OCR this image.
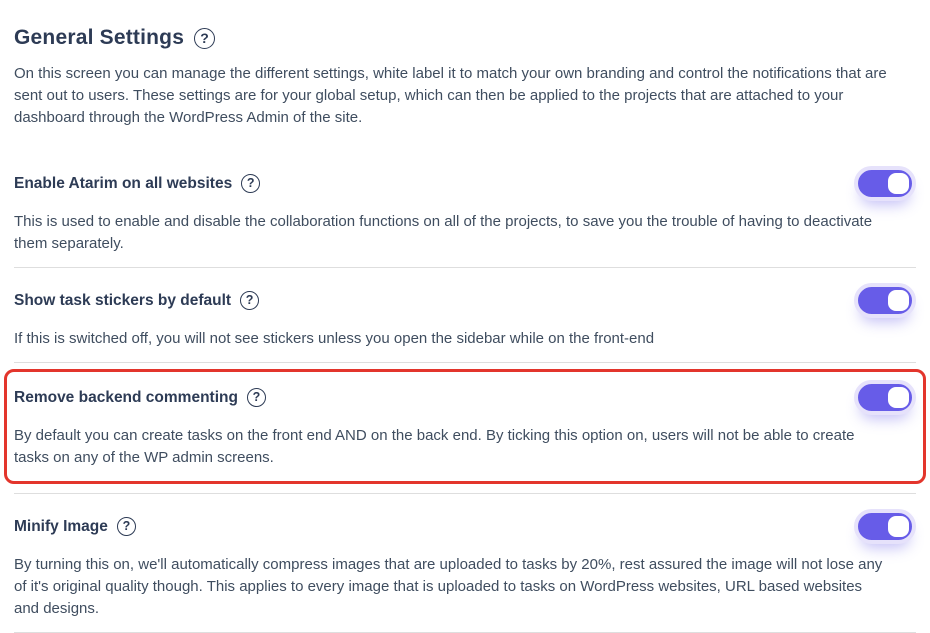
General Settings	?

On this screen you can manage the different settings, white label it to match your own branding and control the notifications that are sent out to users. These settings are for your global setup, which can then be applied to the projects that are attached to your dashboard through the WordPress Admin of the site.

Enable Atarim on all websites	?

This is used to enable and disable the collaboration functions on all of the projects, to save you the trouble of having to deactivate them separately.

Show task stickers by default	?

If this is switched off, you will not see stickers unless you open the sidebar while on the front-end

Remove backend commenting	?

By default you can create tasks on the front end AND on the back end. By ticking this option on, users will not be able to create tasks on any of the WP admin screens.

Minify Image	?

By turning this on, we'll automatically compress images that are uploaded to tasks by 20%, rest assured the image will not lose any of it's original quality though. This applies to every image that is uploaded to tasks on WordPress websites, URL based websites and designs.
